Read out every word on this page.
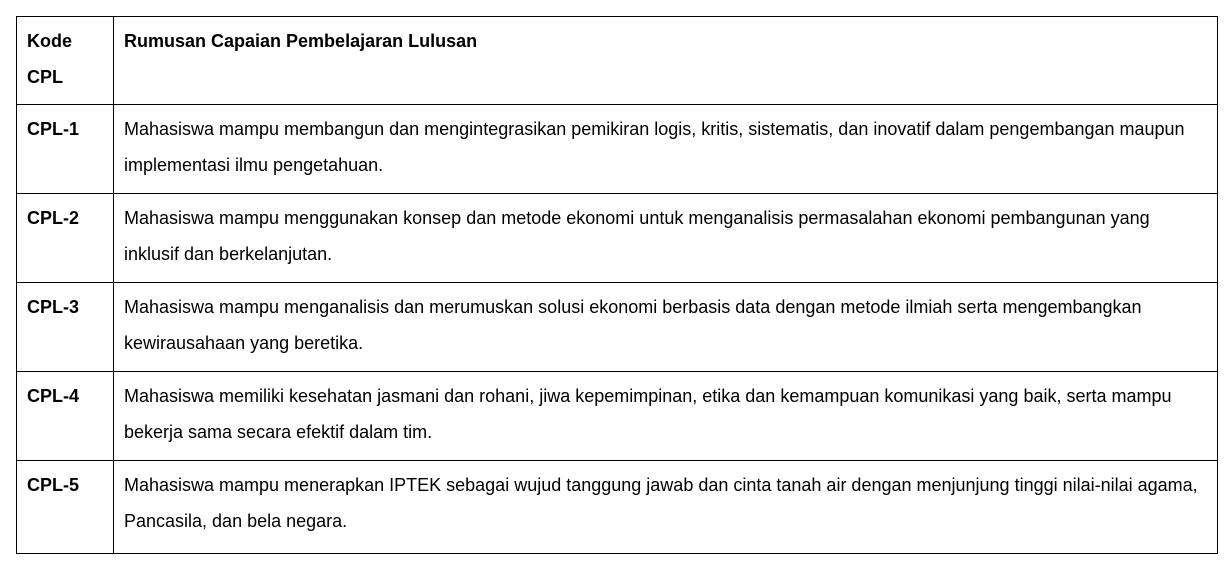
Kode CPL	Rumusan Capaian Pembelajaran Lulusan
CPL-1	Mahasiswa mampu membangun dan mengintegrasikan pemikiran logis, kritis, sistematis, dan inovatif dalam pengembangan maupun implementasi ilmu pengetahuan.
CPL-2	Mahasiswa mampu menggunakan konsep dan metode ekonomi untuk menganalisis permasalahan ekonomi pembangunan yang inklusif dan berkelanjutan.
CPL-3	Mahasiswa mampu menganalisis dan merumuskan solusi ekonomi berbasis data dengan metode ilmiah serta mengembangkan kewirausahaan yang beretika.
CPL-4	Mahasiswa memiliki kesehatan jasmani dan rohani, jiwa kepemimpinan, etika dan kemampuan komunikasi yang baik, serta mampu bekerja sama secara efektif dalam tim.
CPL-5	Mahasiswa mampu menerapkan IPTEK sebagai wujud tanggung jawab dan cinta tanah air dengan menjunjung tinggi nilai-nilai agama, Pancasila, dan bela negara.
